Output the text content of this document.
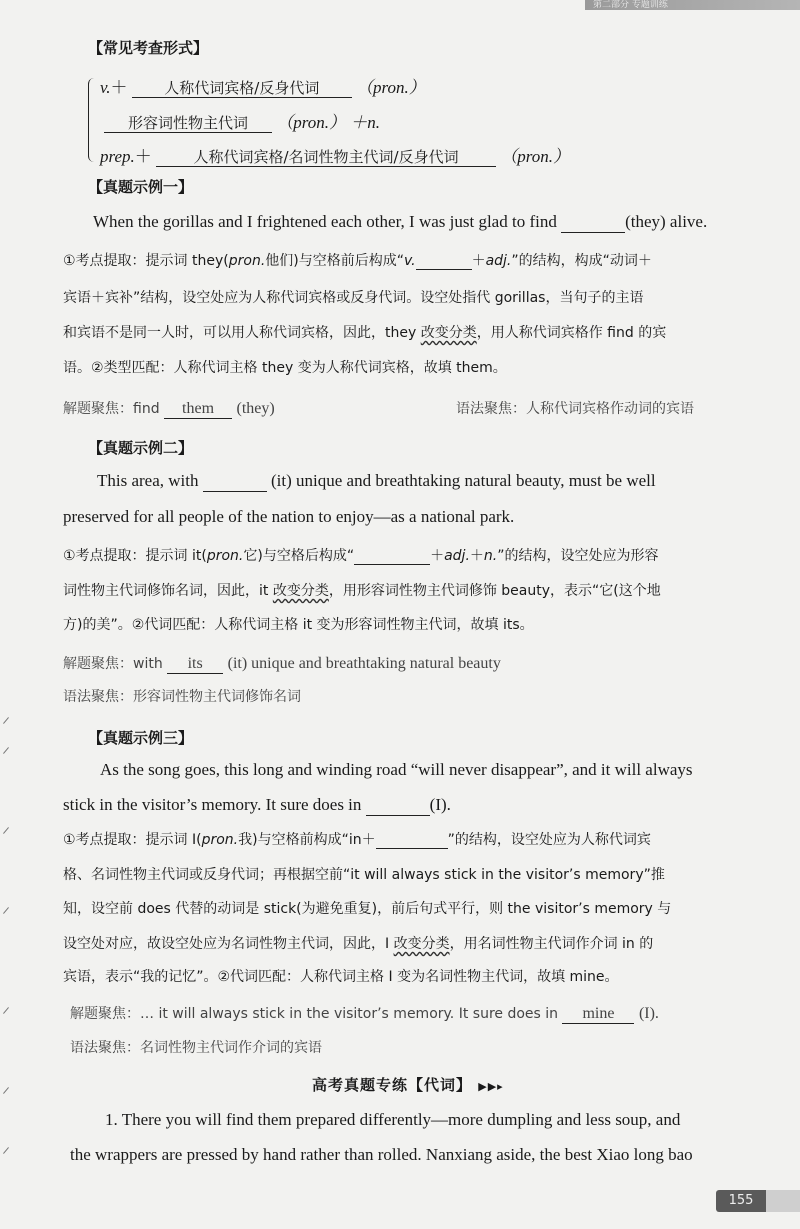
第二部分 专题训练
【常见考查形式】
v.＋ 人称代词宾格/反身代词 （pron.）
形容词性物主代词 （pron.） ＋n.
prep.＋	人称代词宾格/名词性物主代词/反身代词 （pron.）
【真题示例一】
When the gorillas and I frightened each other, I was just glad to find	(they) alive.
①考点提取：提示词 they(pron.他们)与空格前后构成“v.	＋adj.”的结构，构成“动词＋
宾语＋宾补”结构，设空处应为人称代词宾格或反身代词。设空处指代 gorillas，当句子的主语
和宾语不是同一人时，可以用人称代词宾格，因此，they 改变分类，用人称代词宾格作 find 的宾
语。②类型匹配：人称代词主格 they 变为人称代词宾格，故填 them。
解题聚焦：find them (they)	语法聚焦：人称代词宾格作动词的宾语
【真题示例二】
This area, with	(it) unique and breathtaking natural beauty, must be well
preserved for all people of the nation to enjoy—as a national park.
①考点提取：提示词 it(pron.它)与空格后构成“	＋adj.＋n.”的结构，设空处应为形容
词性物主代词修饰名词，因此，it 改变分类，用形容词性物主代词修饰 beauty，表示“它(这个地
方)的美”。②代词匹配：人称代词主格 it 变为形容词性物主代词，故填 its。
解题聚焦：with its (it) unique and breathtaking natural beauty
语法聚焦：形容词性物主代词修饰名词
【真题示例三】
As the song goes, this long and winding road “will never disappear”, and it will always
stick in the visitor’s memory. It sure does in	(I).
①考点提取：提示词 I(pron.我)与空格前构成“in＋	”的结构，设空处应为人称代词宾
格、名词性物主代词或反身代词；再根据空前“it will always stick in the visitor’s memory”推
知，设空前 does 代替的动词是 stick(为避免重复)，前后句式平行，则 the visitor’s memory 与
设空处对应，故设空处应为名词性物主代词，因此，I 改变分类，用名词性物主代词作介词 in 的
宾语，表示“我的记忆”。②代词匹配：人称代词主格 I 变为名词性物主代词，故填 mine。
解题聚焦：… it will always stick in the visitor’s memory. It sure does in mine (I).
语法聚焦：名词性物主代词作介词的宾语
高考真题专练【代词】 ▶▶▸
1. There you will find them prepared differently—more dumpling and less soup, and
the wrappers are pressed by hand rather than rolled. Nanxiang aside, the best Xiao long bao
155
